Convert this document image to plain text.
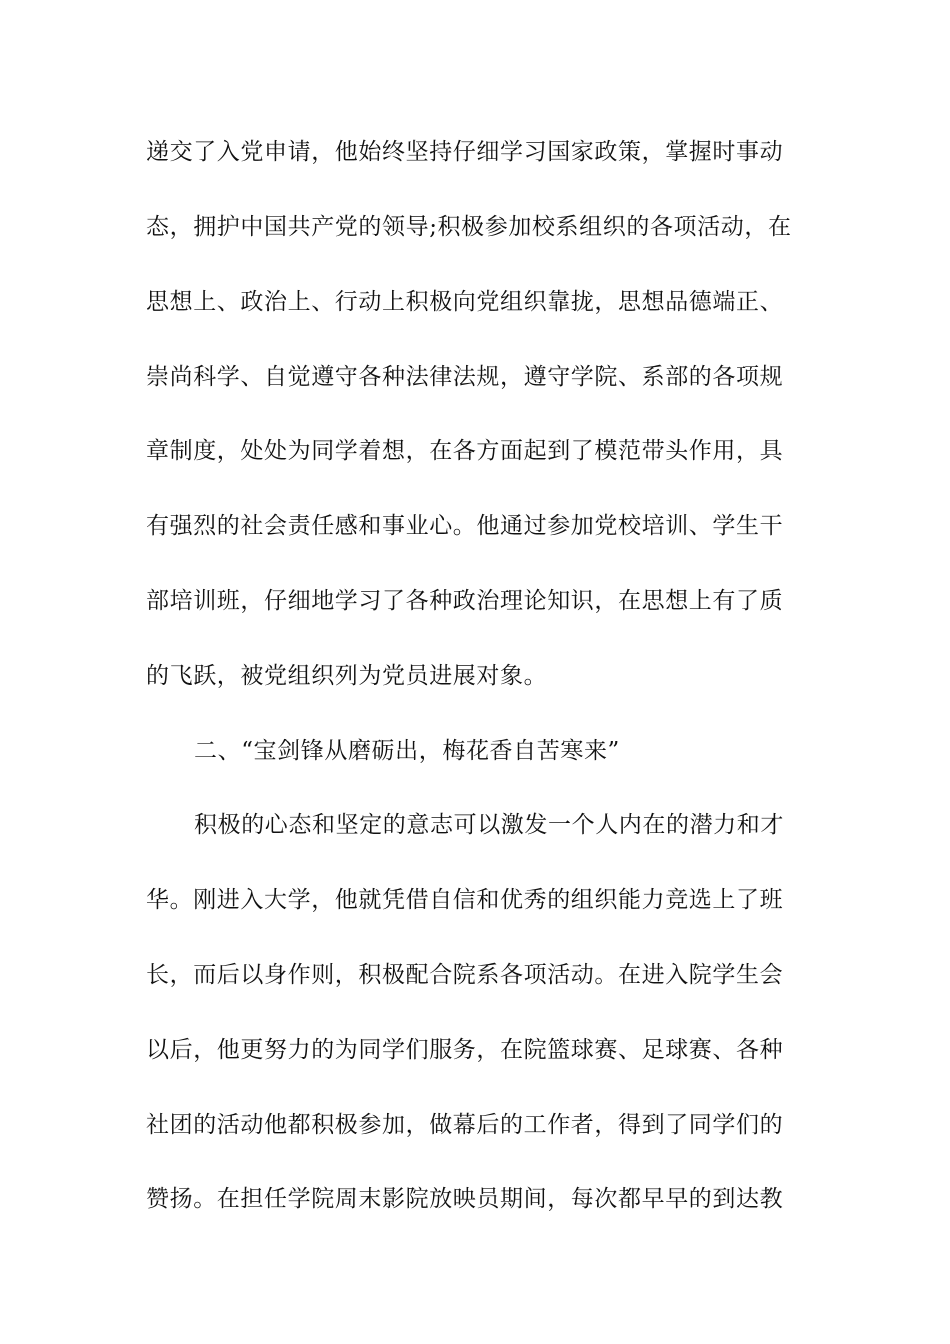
递交了入党申请，他始终坚持仔细学习国家政策，掌握时事动
态，拥护中国共产党的领导;积极参加校系组织的各项活动，在
思想上、政治上、行动上积极向党组织靠拢，思想品德端正、
崇尚科学、自觉遵守各种法律法规，遵守学院、系部的各项规
章制度，处处为同学着想，在各方面起到了模范带头作用，具
有强烈的社会责任感和事业心。他通过参加党校培训、学生干
部培训班，仔细地学习了各种政治理论知识，在思想上有了质
的飞跃，被党组织列为党员进展对象。
二、“宝剑锋从磨砺出，梅花香自苦寒来”
积极的心态和坚定的意志可以激发一个人内在的潜力和才
华。刚进入大学，他就凭借自信和优秀的组织能力竞选上了班
长，而后以身作则，积极配合院系各项活动。在进入院学生会
以后，他更努力的为同学们服务，在院篮球赛、足球赛、各种
社团的活动他都积极参加，做幕后的工作者，得到了同学们的
赞扬。在担任学院周末影院放映员期间，每次都早早的到达教
